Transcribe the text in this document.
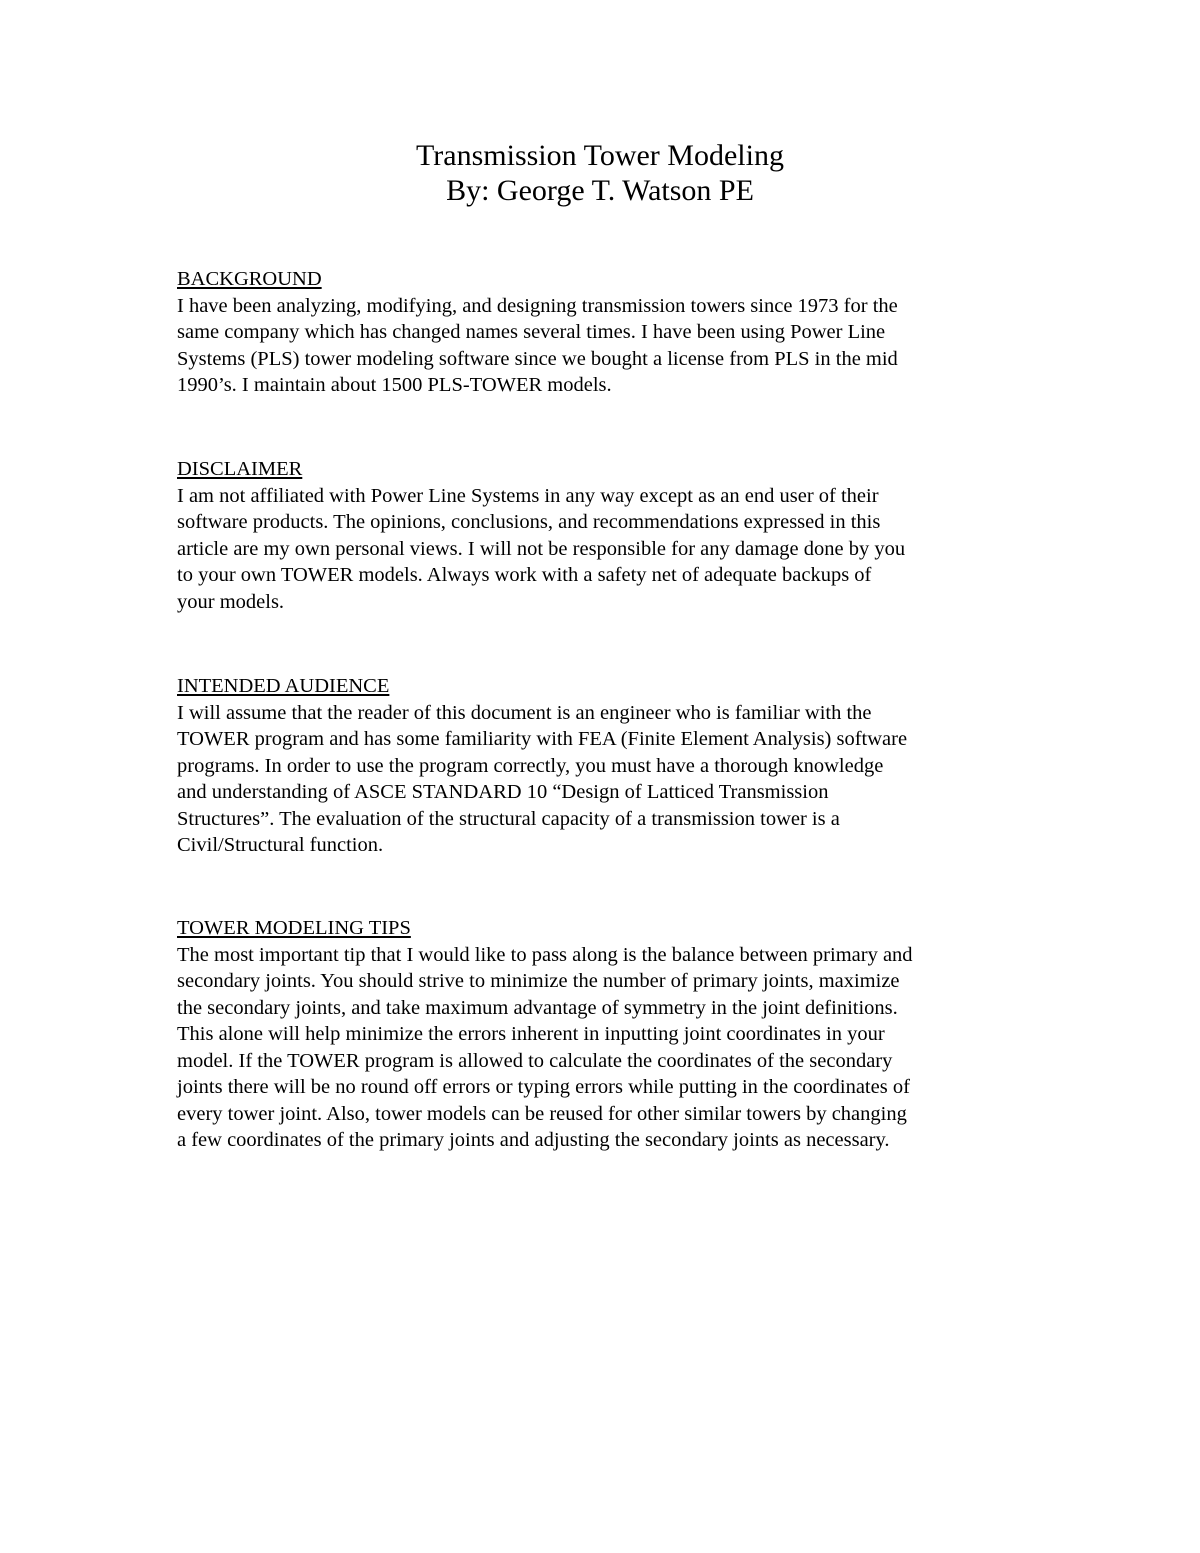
Transmission Tower Modeling
By: George T. Watson PE
BACKGROUND
I have been analyzing, modifying, and designing transmission towers since 1973 for the
same company which has changed names several times. I have been using Power Line
Systems (PLS) tower modeling software since we bought a license from PLS in the mid
1990’s. I maintain about 1500 PLS-TOWER models.
DISCLAIMER
I am not affiliated with Power Line Systems in any way except as an end user of their
software products. The opinions, conclusions, and recommendations expressed in this
article are my own personal views. I will not be responsible for any damage done by you
to your own TOWER models. Always work with a safety net of adequate backups of
your models.
INTENDED AUDIENCE
I will assume that the reader of this document is an engineer who is familiar with the
TOWER program and has some familiarity with FEA (Finite Element Analysis) software
programs. In order to use the program correctly, you must have a thorough knowledge
and understanding of ASCE STANDARD 10 “Design of Latticed Transmission
Structures”. The evaluation of the structural capacity of a transmission tower is a
Civil/Structural function.
TOWER MODELING TIPS
The most important tip that I would like to pass along is the balance between primary and
secondary joints. You should strive to minimize the number of primary joints, maximize
the secondary joints, and take maximum advantage of symmetry in the joint definitions.
This alone will help minimize the errors inherent in inputting joint coordinates in your
model. If the TOWER program is allowed to calculate the coordinates of the secondary
joints there will be no round off errors or typing errors while putting in the coordinates of
every tower joint. Also, tower models can be reused for other similar towers by changing
a few coordinates of the primary joints and adjusting the secondary joints as necessary.
